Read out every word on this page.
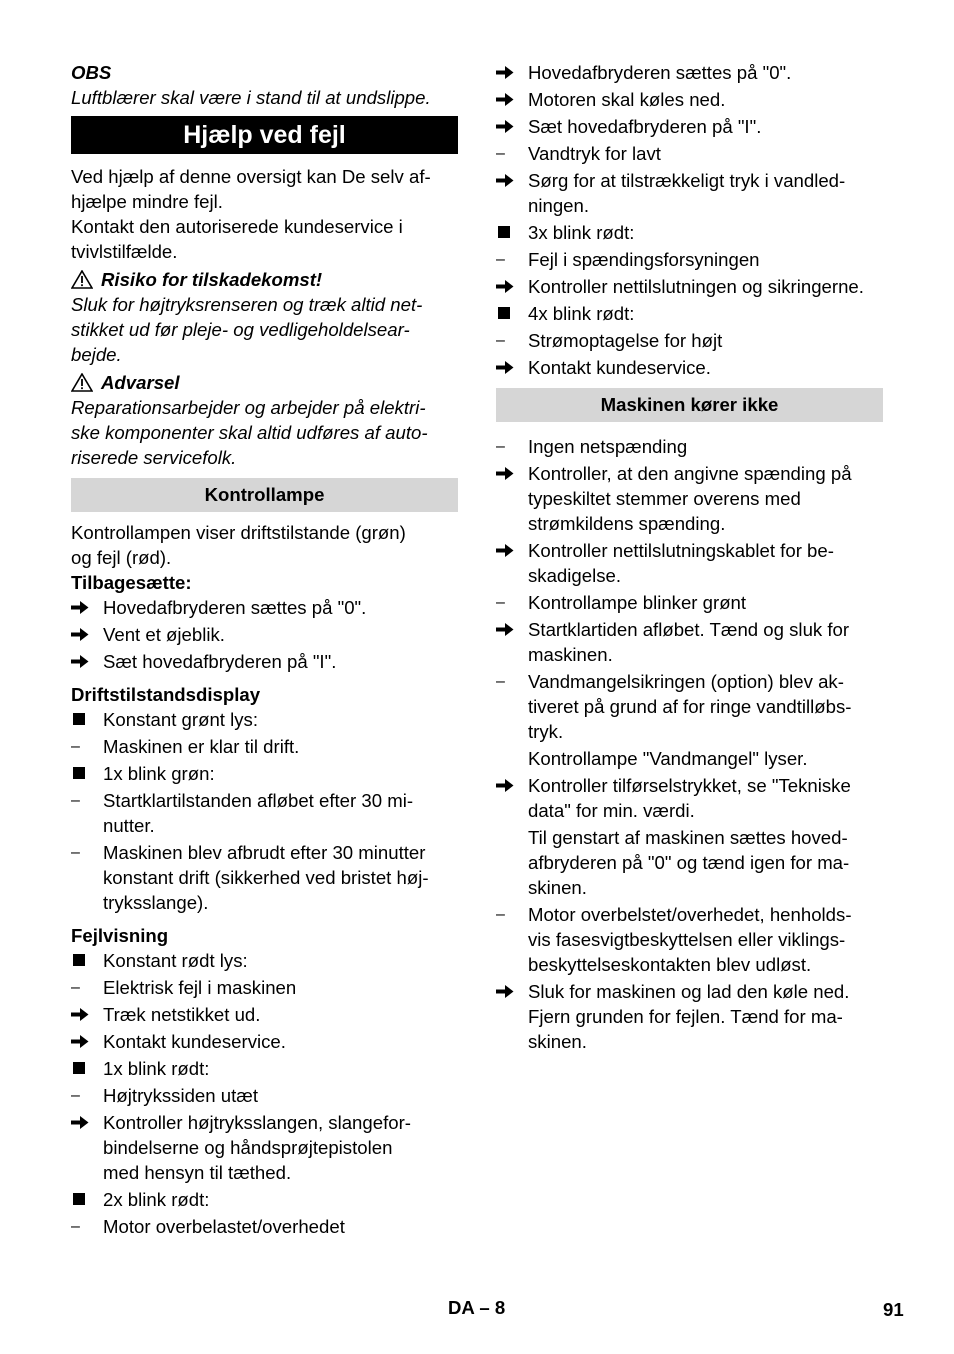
OBS
Luftblærer skal være i stand til at undslippe.
Hjælp ved fejl
Ved hjælp af denne oversigt kan De selv af-
hjælpe mindre fejl.
Kontakt den autoriserede kundeservice i
tvivlstilfælde.
Risiko for tilskadekomst!
Sluk for højtryksrenseren og træk altid net-
stikket ud før pleje- og vedligeholdelsear-
bejde.
Advarsel
Reparationsarbejder og arbejder på elektri-
ske komponenter skal altid udføres af auto-
riserede servicefolk.
Kontrollampe
Kontrollampen viser driftstilstande (grøn)
og fejl (rød).
Tilbagesætte:
Hovedafbryderen sættes på "0".
Vent et øjeblik.
Sæt hovedafbryderen på "I".
Driftstilstandsdisplay
Konstant grønt lys:
–
Maskinen er klar til drift.
1x blink grøn:
–
Startklartilstanden afløbet efter 30 mi-
nutter.
–
Maskinen blev afbrudt efter 30 minutter
konstant drift (sikkerhed ved bristet høj-
tryksslange).
Fejlvisning
Konstant rødt lys:
–
Elektrisk fejl i maskinen
Træk netstikket ud.
Kontakt kundeservice.
1x blink rødt:
–
Højtrykssiden utæt
Kontroller højtryksslangen, slangefor-
bindelserne og håndsprøjtepistolen
med hensyn til tæthed.
2x blink rødt:
–
Motor overbelastet/overhedet
Hovedafbryderen sættes på "0".
Motoren skal køles ned.
Sæt hovedafbryderen på "I".
–
Vandtryk for lavt
Sørg for at tilstrækkeligt tryk i vandled-
ningen.
3x blink rødt:
–
Fejl i spændingsforsyningen
Kontroller nettilslutningen og sikringerne.
4x blink rødt:
–
Strømoptagelse for højt
Kontakt kundeservice.
Maskinen kører ikke
–
Ingen netspænding
Kontroller, at den angivne spænding på
typeskiltet stemmer overens med
strømkildens spænding.
Kontroller nettilslutningskablet for be-
skadigelse.
–
Kontrollampe blinker grønt
Startklartiden afløbet. Tænd og sluk for
maskinen.
–
Vandmangelsikringen (option) blev ak-
tiveret på grund af for ringe vandtilløbs-
tryk.
Kontrollampe "Vandmangel" lyser.
Kontroller tilførselstrykket, se "Tekniske
data" for min. værdi.
Til genstart af maskinen sættes hoved-
afbryderen på "0" og tænd igen for ma-
skinen.
–
Motor overbelstet/overhedet, henholds-
vis fasesvigtbeskyttelsen eller viklings-
beskyttelseskontakten blev udløst.
Sluk for maskinen og lad den køle ned.
Fjern grunden for fejlen. Tænd for ma-
skinen.
DA – 8	91
